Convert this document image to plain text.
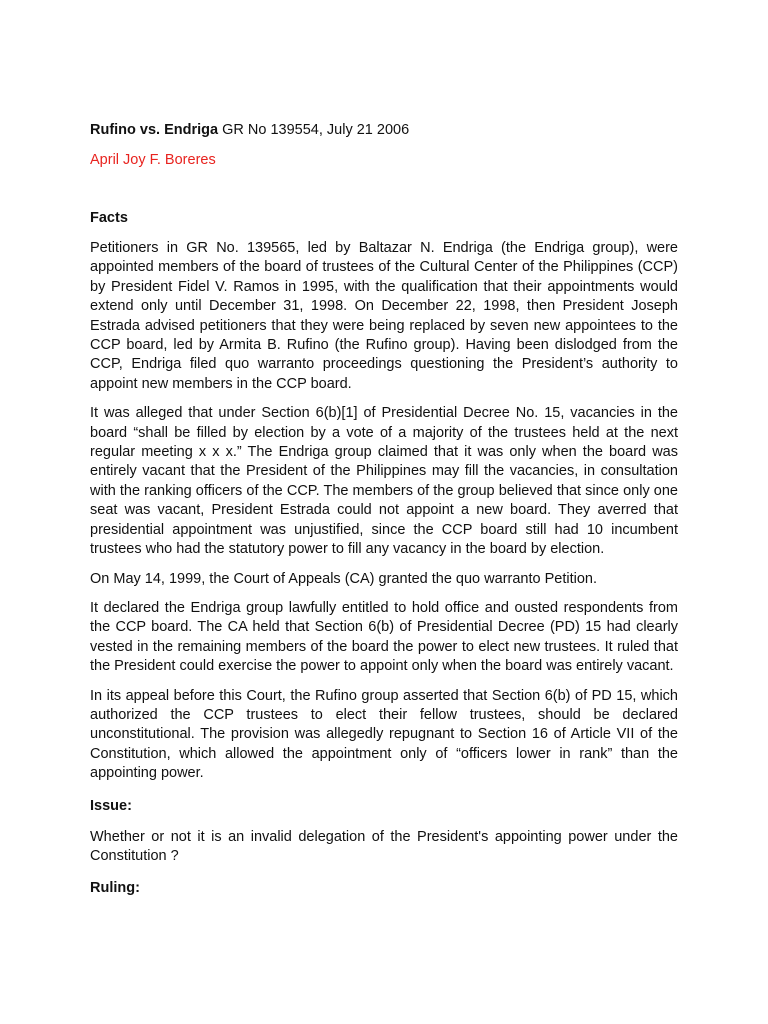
Rufino vs. Endriga GR No 139554, July 21 2006

April Joy F. Boreres

Facts

Petitioners in GR No. 139565, led by Baltazar N. Endriga (the Endriga group), were appointed members of the board of trustees of the Cultural Center of the Philippines (CCP) by President Fidel V. Ramos in 1995, with the qualification that their appointments would extend only until December 31, 1998. On December 22, 1998, then President Joseph Estrada advised petitioners that they were being replaced by seven new appointees to the CCP board, led by Armita B. Rufino (the Rufino group). Having been dislodged from the CCP, Endriga filed quo warranto proceedings questioning the President’s authority to appoint new members in the CCP board.

It was alleged that under Section 6(b)[1] of Presidential Decree No. 15, vacancies in the board “shall be filled by election by a vote of a majority of the trustees held at the next regular meeting x x x.” The Endriga group claimed that it was only when the board was entirely vacant that the President of the Philippines may fill the vacancies, in consultation with the ranking officers of the CCP. The members of the group believed that since only one seat was vacant, President Estrada could not appoint a new board. They averred that presidential appointment was unjustified, since the CCP board still had 10 incumbent trustees who had the statutory power to fill any vacancy in the board by election.

On May 14, 1999, the Court of Appeals (CA) granted the quo warranto Petition.

It declared the Endriga group lawfully entitled to hold office and ousted respondents from the CCP board. The CA held that Section 6(b) of Presidential Decree (PD) 15 had clearly vested in the remaining members of the board the power to elect new trustees. It ruled that the President could exercise the power to appoint only when the board was entirely vacant.

In its appeal before this Court, the Rufino group asserted that Section 6(b) of PD 15, which authorized the CCP trustees to elect their fellow trustees, should be declared unconstitutional. The provision was allegedly repugnant to Section 16 of Article VII of the Constitution, which allowed the appointment only of “officers lower in rank” than the appointing power.

Issue:

Whether or not it is an invalid delegation of the President's appointing power under the Constitution ?

Ruling:
